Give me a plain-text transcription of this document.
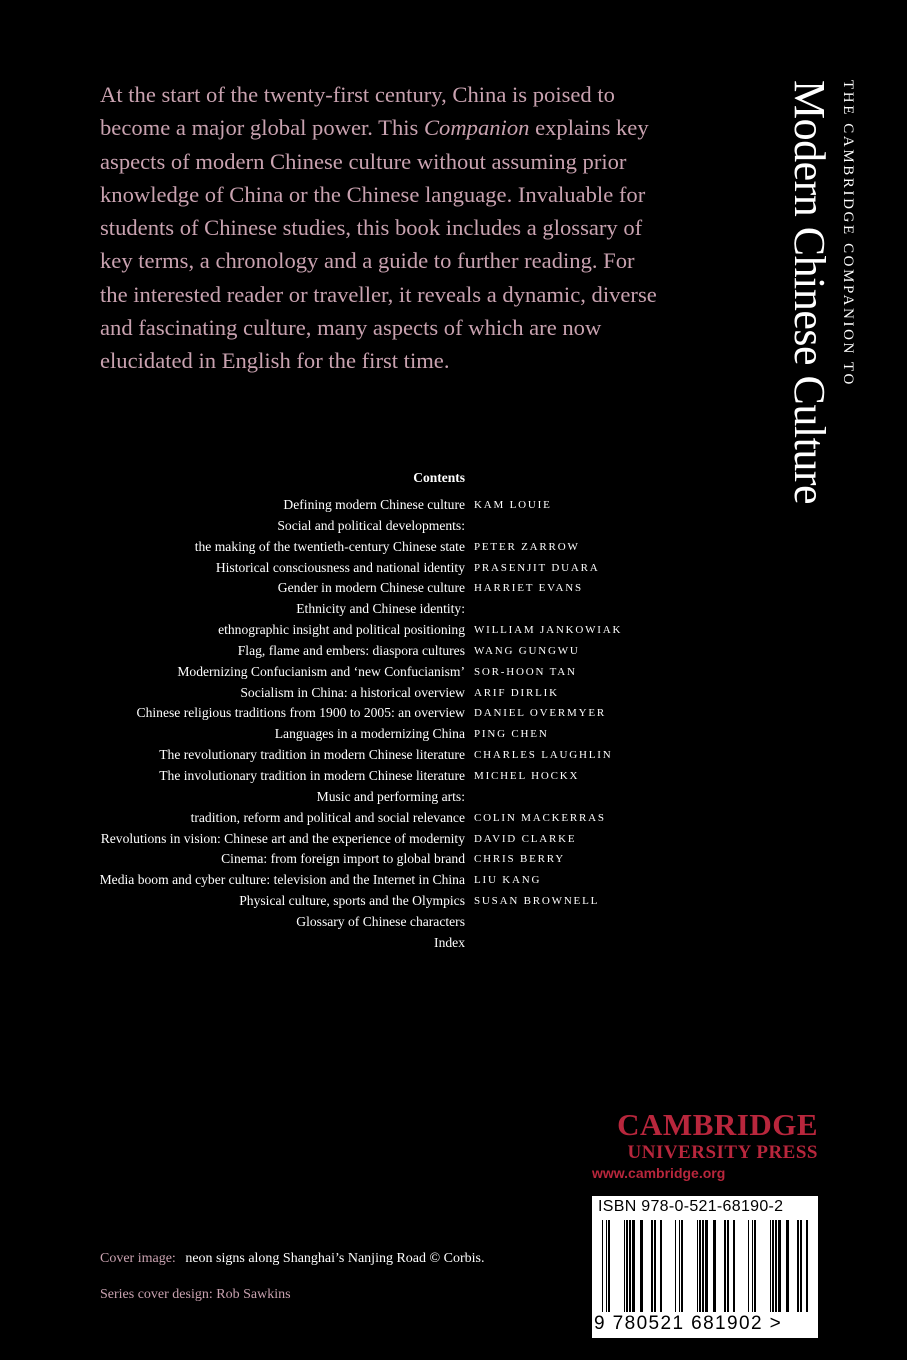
At the start of the twenty-first century, China is poised to
become a major global power. This Companion explains key
aspects of modern Chinese culture without assuming prior
knowledge of China or the Chinese language. Invaluable for
students of Chinese studies, this book includes a glossary of
key terms, a chronology and a guide to further reading. For
the interested reader or traveller, it reveals a dynamic, diverse
and fascinating culture, many aspects of which are now
elucidated in English for the first time.	THE CAMBRIDGE COMPANION TO
Modern Chinese Culture
Contents
Defining modern Chinese culture KAM LOUIE
Social and political developments:
the making of the twentieth-century Chinese state PETER ZARROW
Historical consciousness and national identity PRASENJIT DUARA
Gender in modern Chinese culture HARRIET EVANS
Ethnicity and Chinese identity:
ethnographic insight and political positioning WILLIAM JANKOWIAK
Flag, flame and embers: diaspora cultures WANG GUNGWU
Modernizing Confucianism and ‘new Confucianism’ SOR-HOON TAN
Socialism in China: a historical overview ARIF DIRLIK
Chinese religious traditions from 1900 to 2005: an overview DANIEL OVERMYER
Languages in a modernizing China PING CHEN
The revolutionary tradition in modern Chinese literature CHARLES LAUGHLIN
The involutionary tradition in modern Chinese literature MICHEL HOCKX
Music and performing arts:
tradition, reform and political and social relevance COLIN MACKERRAS
Revolutions in vision: Chinese art and the experience of modernity DAVID CLARKE
Cinema: from foreign import to global brand CHRIS BERRY
Media boom and cyber culture: television and the Internet in China LIU KANG
Physical culture, sports and the Olympics SUSAN BROWNELL
Glossary of Chinese characters
Index
CAMBRIDGE
UNIVERSITY PRESS
www.cambridge.org
ISBN 978-0-521-68190-2
9 780521 681902 >
Cover image: neon signs along Shanghai’s Nanjing Road © Corbis.
Series cover design: Rob Sawkins
